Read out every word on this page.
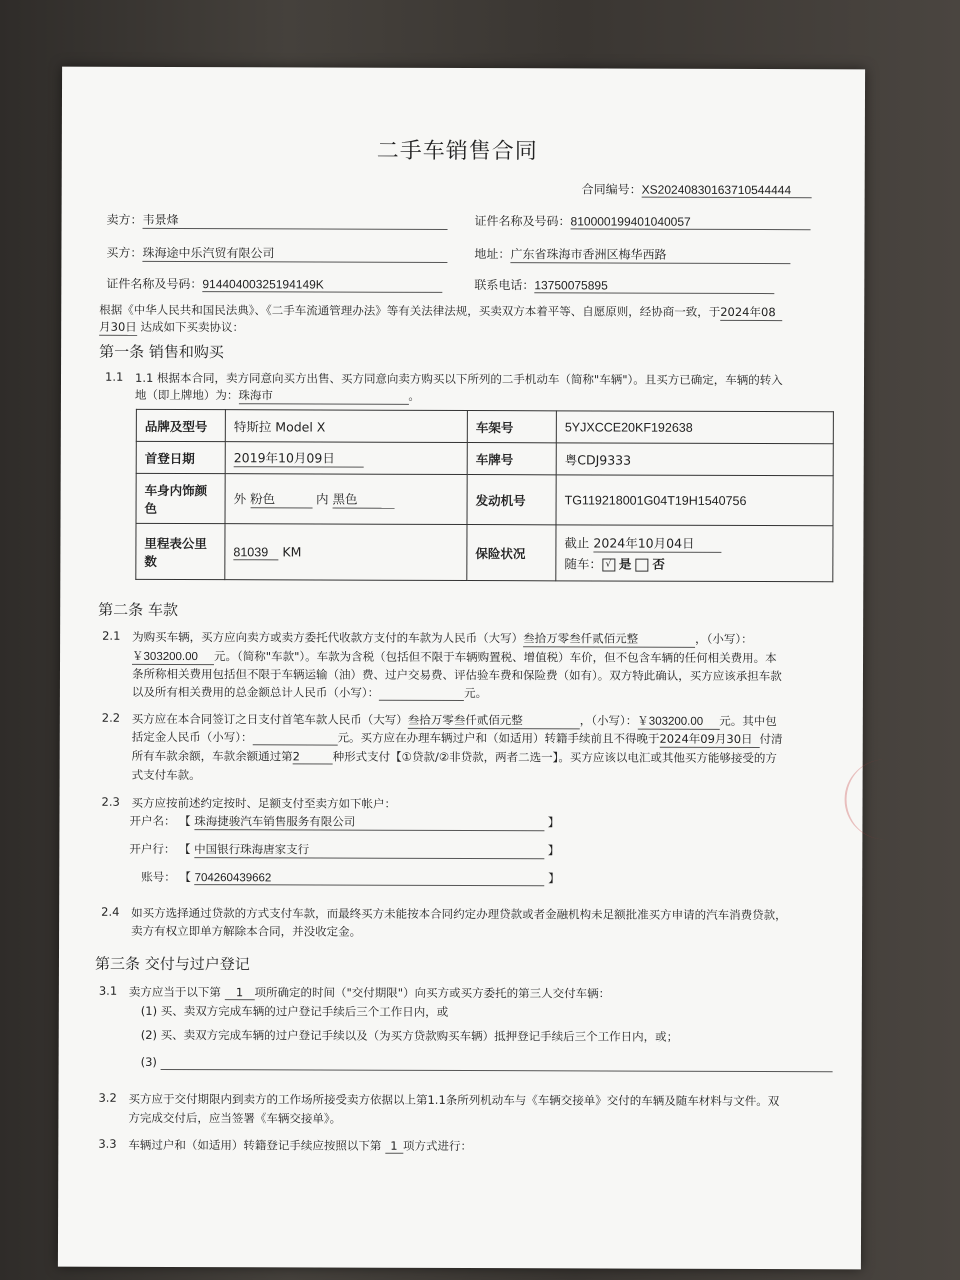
二手车销售合同
合同编号：XS20240830163710544444
卖方：韦景烽	证件名称及号码：810000199401040057
买方：珠海途中乐汽贸有限公司	地址：广东省珠海市香洲区梅华西路
证件名称及号码：91440400325194149K	联系电话：13750075895
根据《中华人民共和国民法典》、《二手车流通管理办法》等有关法律法规，买卖双方本着平等、自愿原则，经协商一致，于2024年08
月30日 达成如下买卖协议：
第一条 销售和购买
1.1 1.1 根据本合同，卖方同意向买方出售、买方同意向卖方购买以下所列的二手机动车（简称"车辆"）。且买方已确定，车辆的转入
地（即上牌地）为：珠海市	。
品牌及型号	特斯拉 Model X	车架号	5YJXCCE20KF192638
首登日期	2019年10月09日	车牌号	粤CDJ9333
车身内饰颜色	外 粉色 内 黑色	发动机号	TG119218001G04T19H1540756
里程表公里数	81039 KM	保险状况	截止 2024年10月04日
随车： √ 是 否
第二条 车款
2.1 为购买车辆，买方应向卖方或卖方委托代收款方支付的车款为人民币（大写）叁拾万零叁仟贰佰元整	，（小写）：
￥303200.00 元。（简称"车款"）。车款为含税（包括但不限于车辆购置税、增值税）车价，但不包含车辆的任何相关费用。本
条所称相关费用包括但不限于车辆运输（油）费、过户交易费、评估验车费和保险费（如有）。双方特此确认，买方应该承担车款
以及所有相关费用的总金额总计人民币（小写）：	元。
2.2 买方应在本合同签订之日支付首笔车款人民币（大写）叁拾万零叁仟贰佰元整	，（小写）：￥303200.00 元。其中包
括定金人民币（小写）：	元。买方应在办理车辆过户和（如适用）转籍手续前且不得晚于2024年09月30日 付清
所有车款余额，车款余额通过第2	种形式支付【①贷款/②非贷款，两者二选一】。买方应该以电汇或其他买方能够接受的方
式支付车款。
2.3 买方应按前述约定按时、足额支付至卖方如下帐户：
开户名： 【 珠海捷骏汽车销售服务有限公司	】
开户行： 【 中国银行珠海唐家支行	】
账号： 【 704260439662	】
2.4 如买方选择通过贷款的方式支付车款，而最终买方未能按本合同约定办理贷款或者金融机构未足额批准买方申请的汽车消费贷款，
卖方有权立即单方解除本合同，并没收定金。
第三条 交付与过户登记
3.1 卖方应当于以下第 1 项所确定的时间（"交付期限"）向买方或买方委托的第三人交付车辆：
(1) 买、卖双方完成车辆的过户登记手续后三个工作日内，或
(2) 买、卖双方完成车辆的过户登记手续以及（为买方贷款购买车辆）抵押登记手续后三个工作日内，或；
(3)
3.2 买方应于交付期限内到卖方的工作场所接受卖方依据以上第1.1条所列机动车与《车辆交接单》交付的车辆及随车材料与文件。双
方完成交付后，应当签署《车辆交接单》。
3.3 车辆过户和（如适用）转籍登记手续应按照以下第 1 项方式进行：
